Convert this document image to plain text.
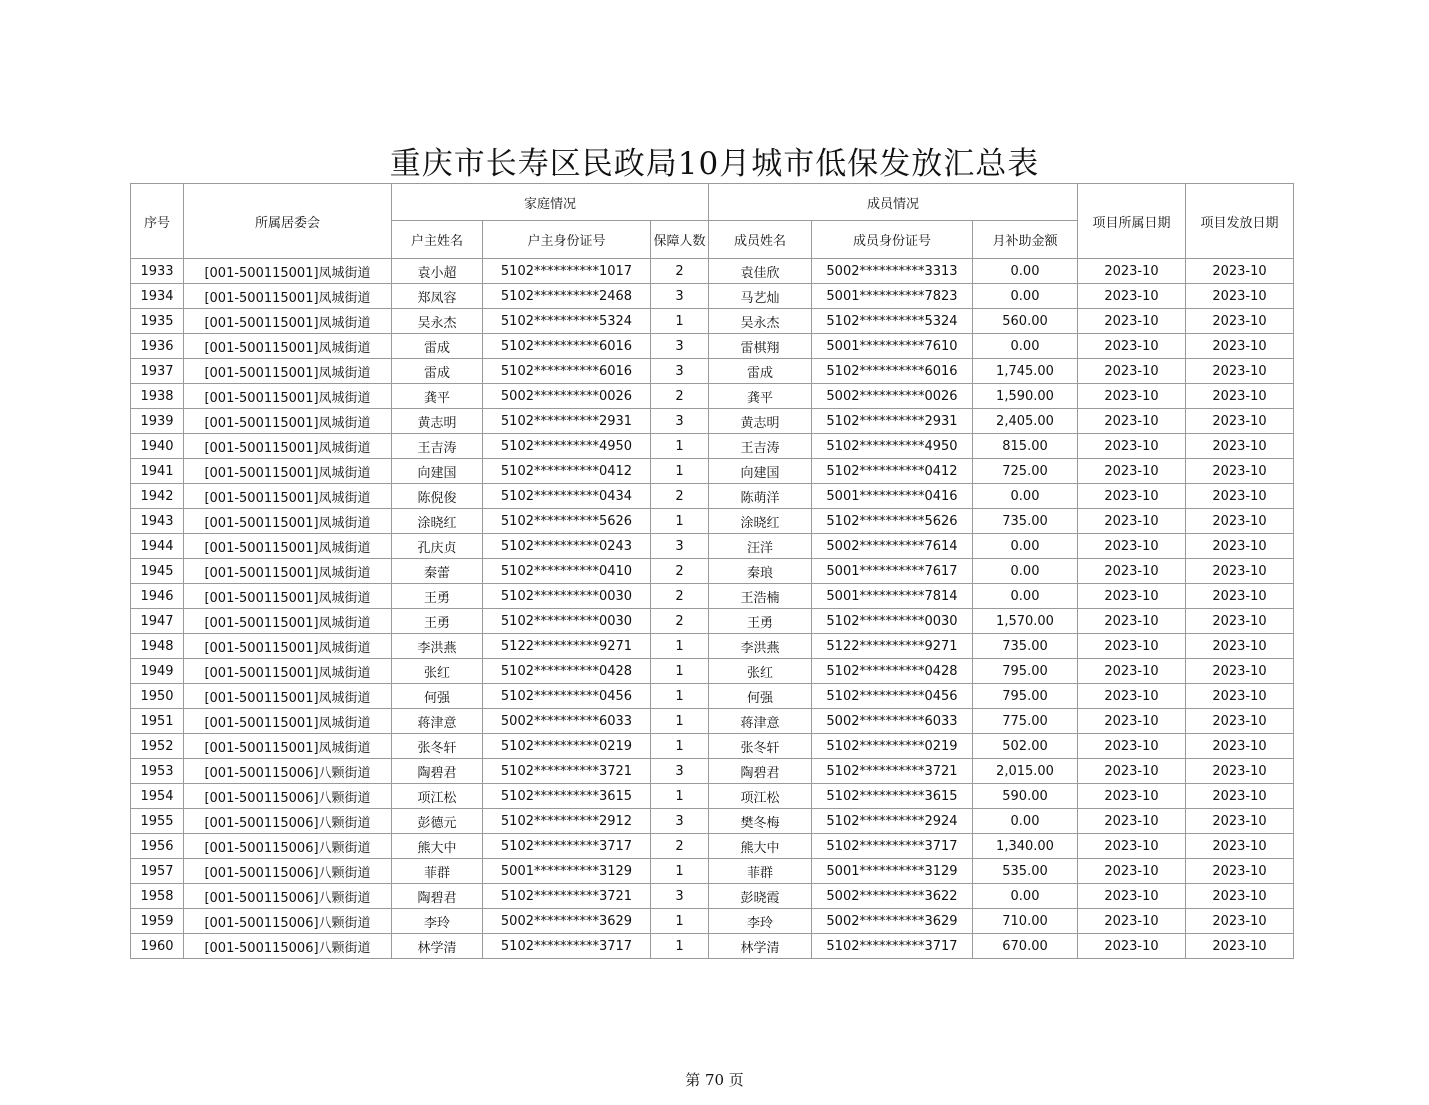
重庆市长寿区民政局10月城市低保发放汇总表
序号	所属居委会	家庭情况			成员情况			项目所属日期	项目发放日期
		户主姓名	户主身份证号	保障人数	成员姓名	成员身份证号	月补助金额		
1933	[001-500115001]凤城街道	袁小超	5102**********1017	2	袁佳欣	5002**********3313	0.00	2023-10	2023-10
1934	[001-500115001]凤城街道	郑凤容	5102**********2468	3	马艺灿	5001**********7823	0.00	2023-10	2023-10
1935	[001-500115001]凤城街道	吴永杰	5102**********5324	1	吴永杰	5102**********5324	560.00	2023-10	2023-10
1936	[001-500115001]凤城街道	雷成	5102**********6016	3	雷棋翔	5001**********7610	0.00	2023-10	2023-10
1937	[001-500115001]凤城街道	雷成	5102**********6016	3	雷成	5102**********6016	1,745.00	2023-10	2023-10
1938	[001-500115001]凤城街道	龚平	5002**********0026	2	龚平	5002**********0026	1,590.00	2023-10	2023-10
1939	[001-500115001]凤城街道	黄志明	5102**********2931	3	黄志明	5102**********2931	2,405.00	2023-10	2023-10
1940	[001-500115001]凤城街道	王吉涛	5102**********4950	1	王吉涛	5102**********4950	815.00	2023-10	2023-10
1941	[001-500115001]凤城街道	向建国	5102**********0412	1	向建国	5102**********0412	725.00	2023-10	2023-10
1942	[001-500115001]凤城街道	陈倪俊	5102**********0434	2	陈萌洋	5001**********0416	0.00	2023-10	2023-10
1943	[001-500115001]凤城街道	涂晓红	5102**********5626	1	涂晓红	5102**********5626	735.00	2023-10	2023-10
1944	[001-500115001]凤城街道	孔庆贞	5102**********0243	3	汪洋	5002**********7614	0.00	2023-10	2023-10
1945	[001-500115001]凤城街道	秦蕾	5102**********0410	2	秦琅	5001**********7617	0.00	2023-10	2023-10
1946	[001-500115001]凤城街道	王勇	5102**********0030	2	王浩楠	5001**********7814	0.00	2023-10	2023-10
1947	[001-500115001]凤城街道	王勇	5102**********0030	2	王勇	5102**********0030	1,570.00	2023-10	2023-10
1948	[001-500115001]凤城街道	李洪燕	5122**********9271	1	李洪燕	5122**********9271	735.00	2023-10	2023-10
1949	[001-500115001]凤城街道	张红	5102**********0428	1	张红	5102**********0428	795.00	2023-10	2023-10
1950	[001-500115001]凤城街道	何强	5102**********0456	1	何强	5102**********0456	795.00	2023-10	2023-10
1951	[001-500115001]凤城街道	蒋津意	5002**********6033	1	蒋津意	5002**********6033	775.00	2023-10	2023-10
1952	[001-500115001]凤城街道	张冬轩	5102**********0219	1	张冬轩	5102**********0219	502.00	2023-10	2023-10
1953	[001-500115006]八颗街道	陶碧君	5102**********3721	3	陶碧君	5102**********3721	2,015.00	2023-10	2023-10
1954	[001-500115006]八颗街道	项江松	5102**********3615	1	项江松	5102**********3615	590.00	2023-10	2023-10
1955	[001-500115006]八颗街道	彭德元	5102**********2912	3	樊冬梅	5102**********2924	0.00	2023-10	2023-10
1956	[001-500115006]八颗街道	熊大中	5102**********3717	2	熊大中	5102**********3717	1,340.00	2023-10	2023-10
1957	[001-500115006]八颗街道	菲群	5001**********3129	1	菲群	5001**********3129	535.00	2023-10	2023-10
1958	[001-500115006]八颗街道	陶碧君	5102**********3721	3	彭晓霞	5002**********3622	0.00	2023-10	2023-10
1959	[001-500115006]八颗街道	李玲	5002**********3629	1	李玲	5002**********3629	710.00	2023-10	2023-10
1960	[001-500115006]八颗街道	林学清	5102**********3717	1	林学清	5102**********3717	670.00	2023-10	2023-10
第 70 页
